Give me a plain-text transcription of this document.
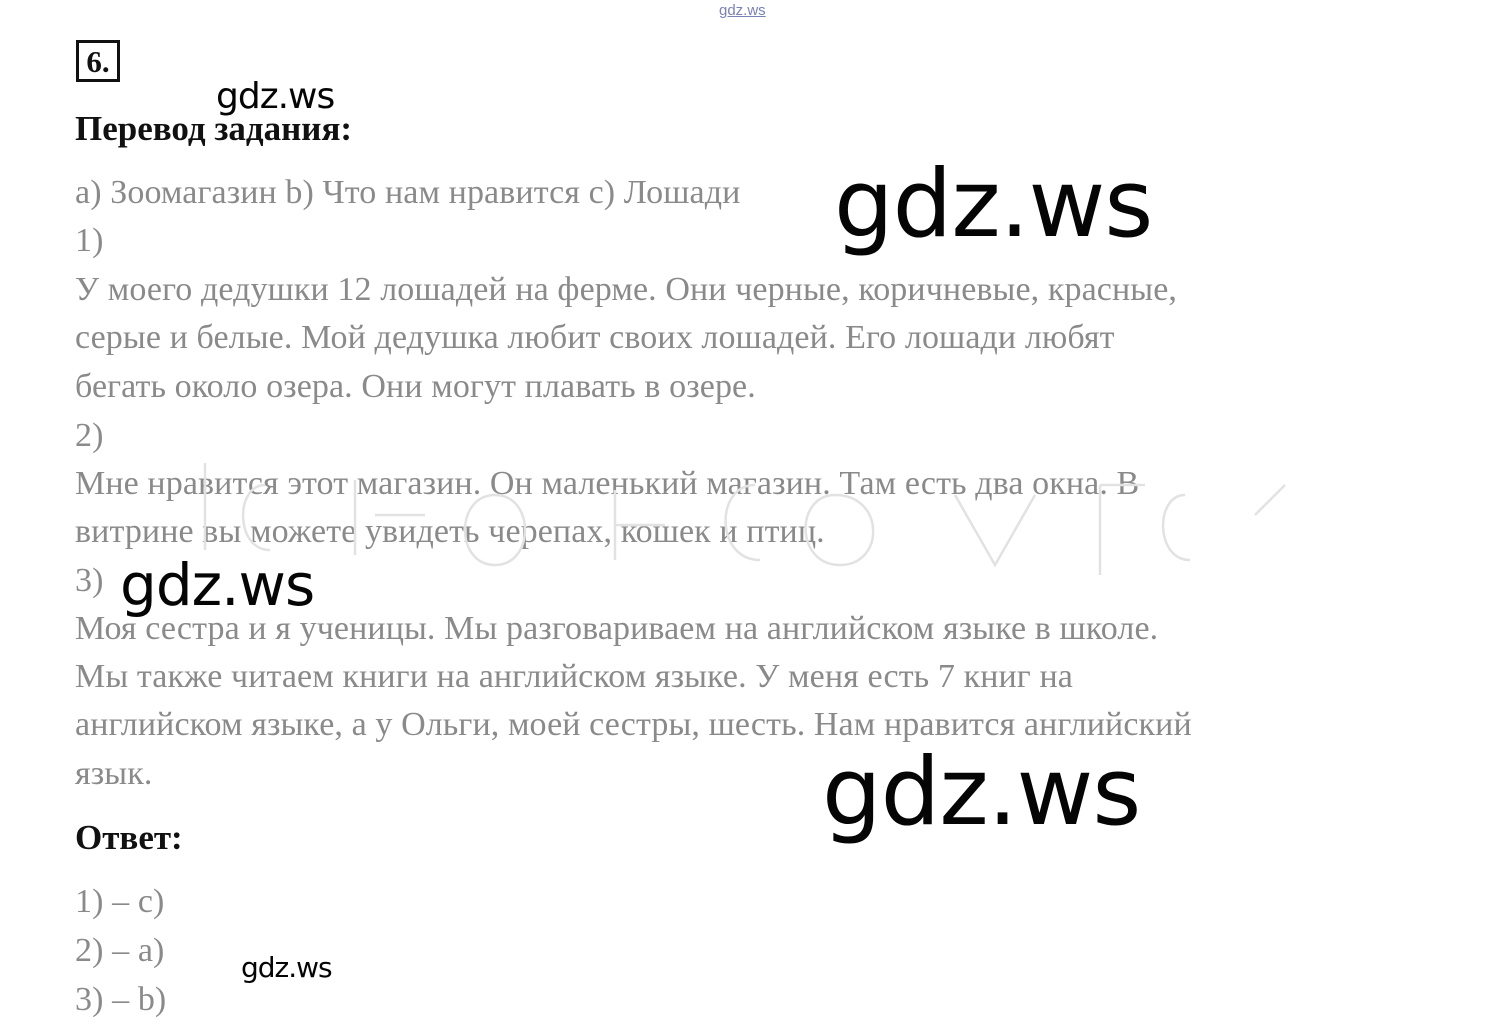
gdz.ws
6.
gdz.ws
Перевод задания:
a) Зоомагазин b) Что нам нравится c) Лошади
1)
У моего дедушки 12 лошадей на ферме. Они черные, коричневые, красные,
серые и белые. Мой дедушка любит своих лошадей. Его лошади любят
бегать около озера. Они могут плавать в озере.
2)
Мне нравится этот магазин. Он маленький магазин. Там есть два окна. В
витрине вы можете увидеть черепах, кошек и птиц.
3)
Моя сестра и я ученицы. Мы разговариваем на английском языке в школе.
Мы также читаем книги на английском языке. У меня есть 7 книг на
английском языке, а у Ольги, моей сестры, шесть. Нам нравится английский
язык.
gdz.ws
gdz.ws
gdz.ws
Ответ:
1) – c)
2) – a)
3) – b)
gdz.ws
